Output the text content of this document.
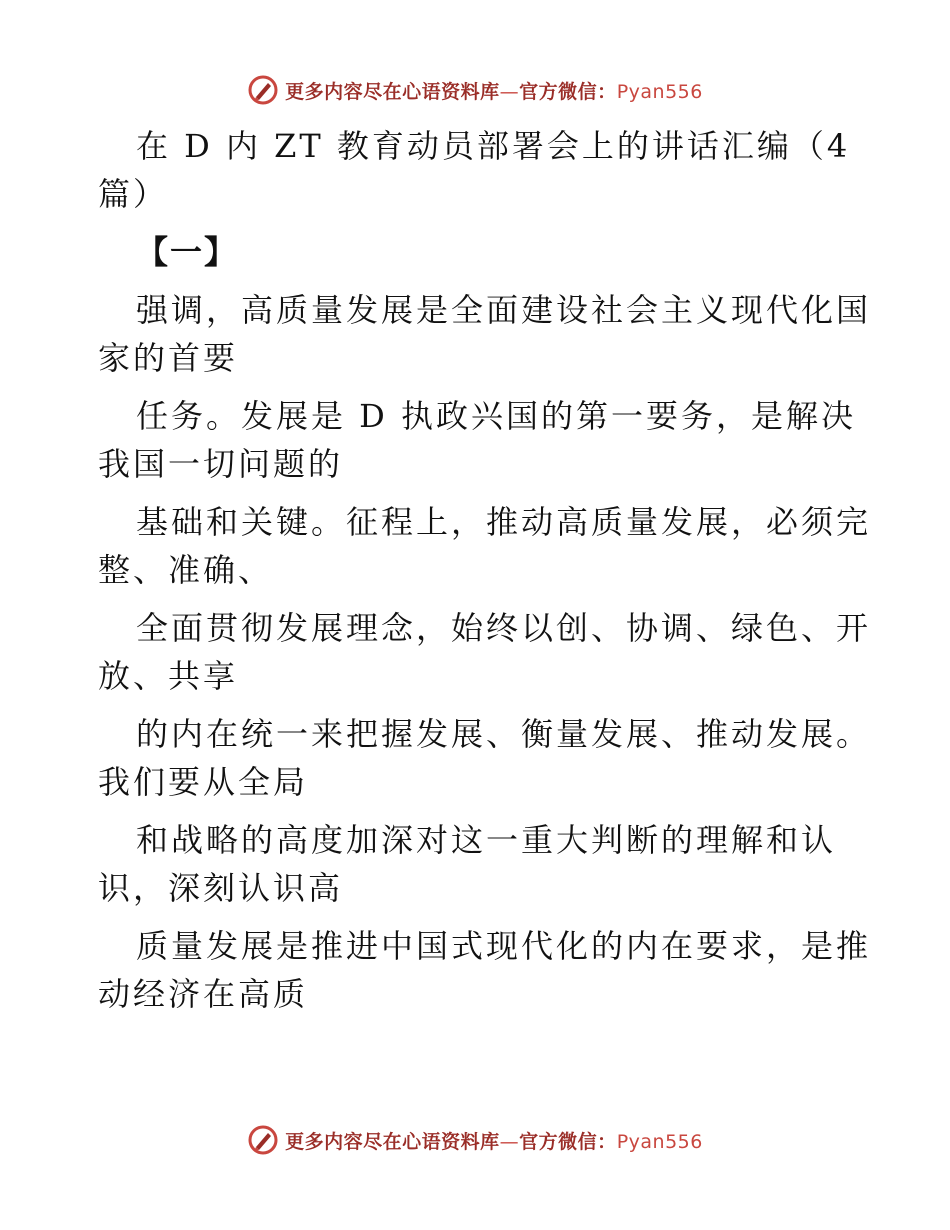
更多内容尽在心语资料库—官方微信：Pyan556
在 D 内 ZT 教育动员部署会上的讲话汇编（4
篇）
【一】
强调，高质量发展是全面建设社会主义现代化国
家的首要
任务。发展是 D 执政兴国的第一要务，是解决
我国一切问题的
基础和关键。征程上，推动高质量发展，必须完
整、准确、
全面贯彻发展理念，始终以创、协调、绿色、开
放、共享
的内在统一来把握发展、衡量发展、推动发展。
我们要从全局
和战略的高度加深对这一重大判断的理解和认
识，深刻认识高
质量发展是推进中国式现代化的内在要求，是推
动经济在高质
更多内容尽在心语资料库—官方微信：Pyan556
